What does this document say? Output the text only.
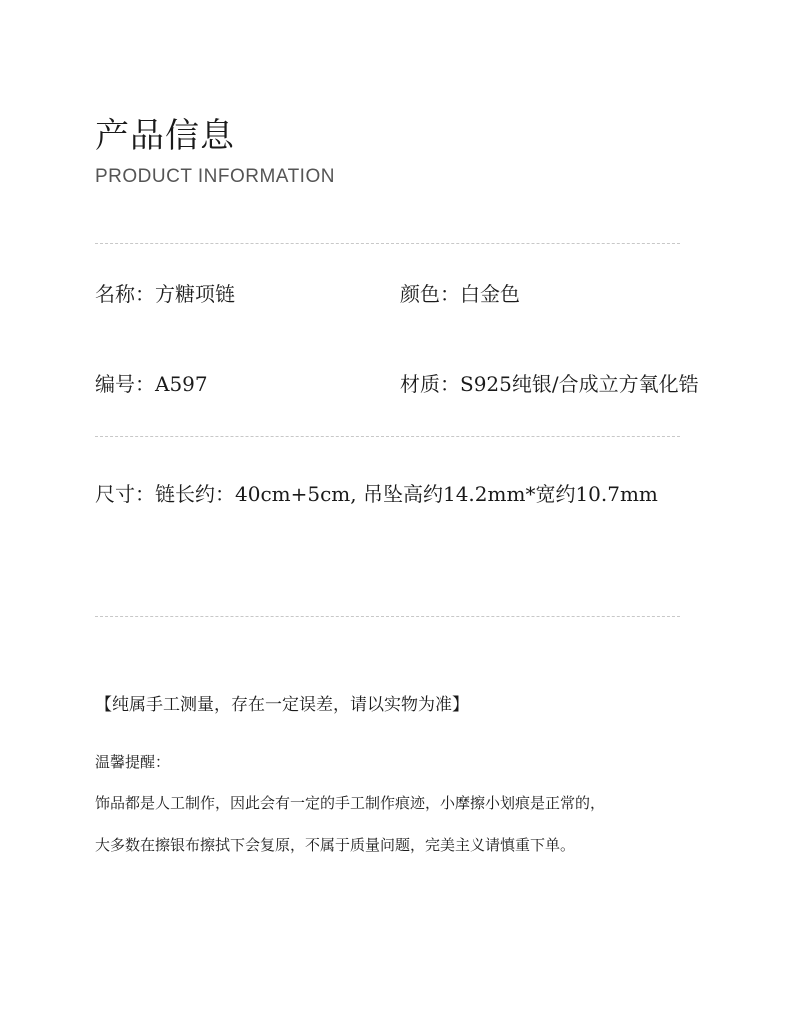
产品信息
PRODUCT INFORMATION
名称：方糖项链	颜色：白金色
编号：A597	材质：S925纯银/合成立方氧化锆
尺寸：链长约：40cm+5cm, 吊坠高约14.2mm*宽约10.7mm
【纯属手工测量，存在一定误差，请以实物为准】
温馨提醒：
饰品都是人工制作，因此会有一定的手工制作痕迹，小摩擦小划痕是正常的，
大多数在擦银布擦拭下会复原，不属于质量问题，完美主义请慎重下单。
